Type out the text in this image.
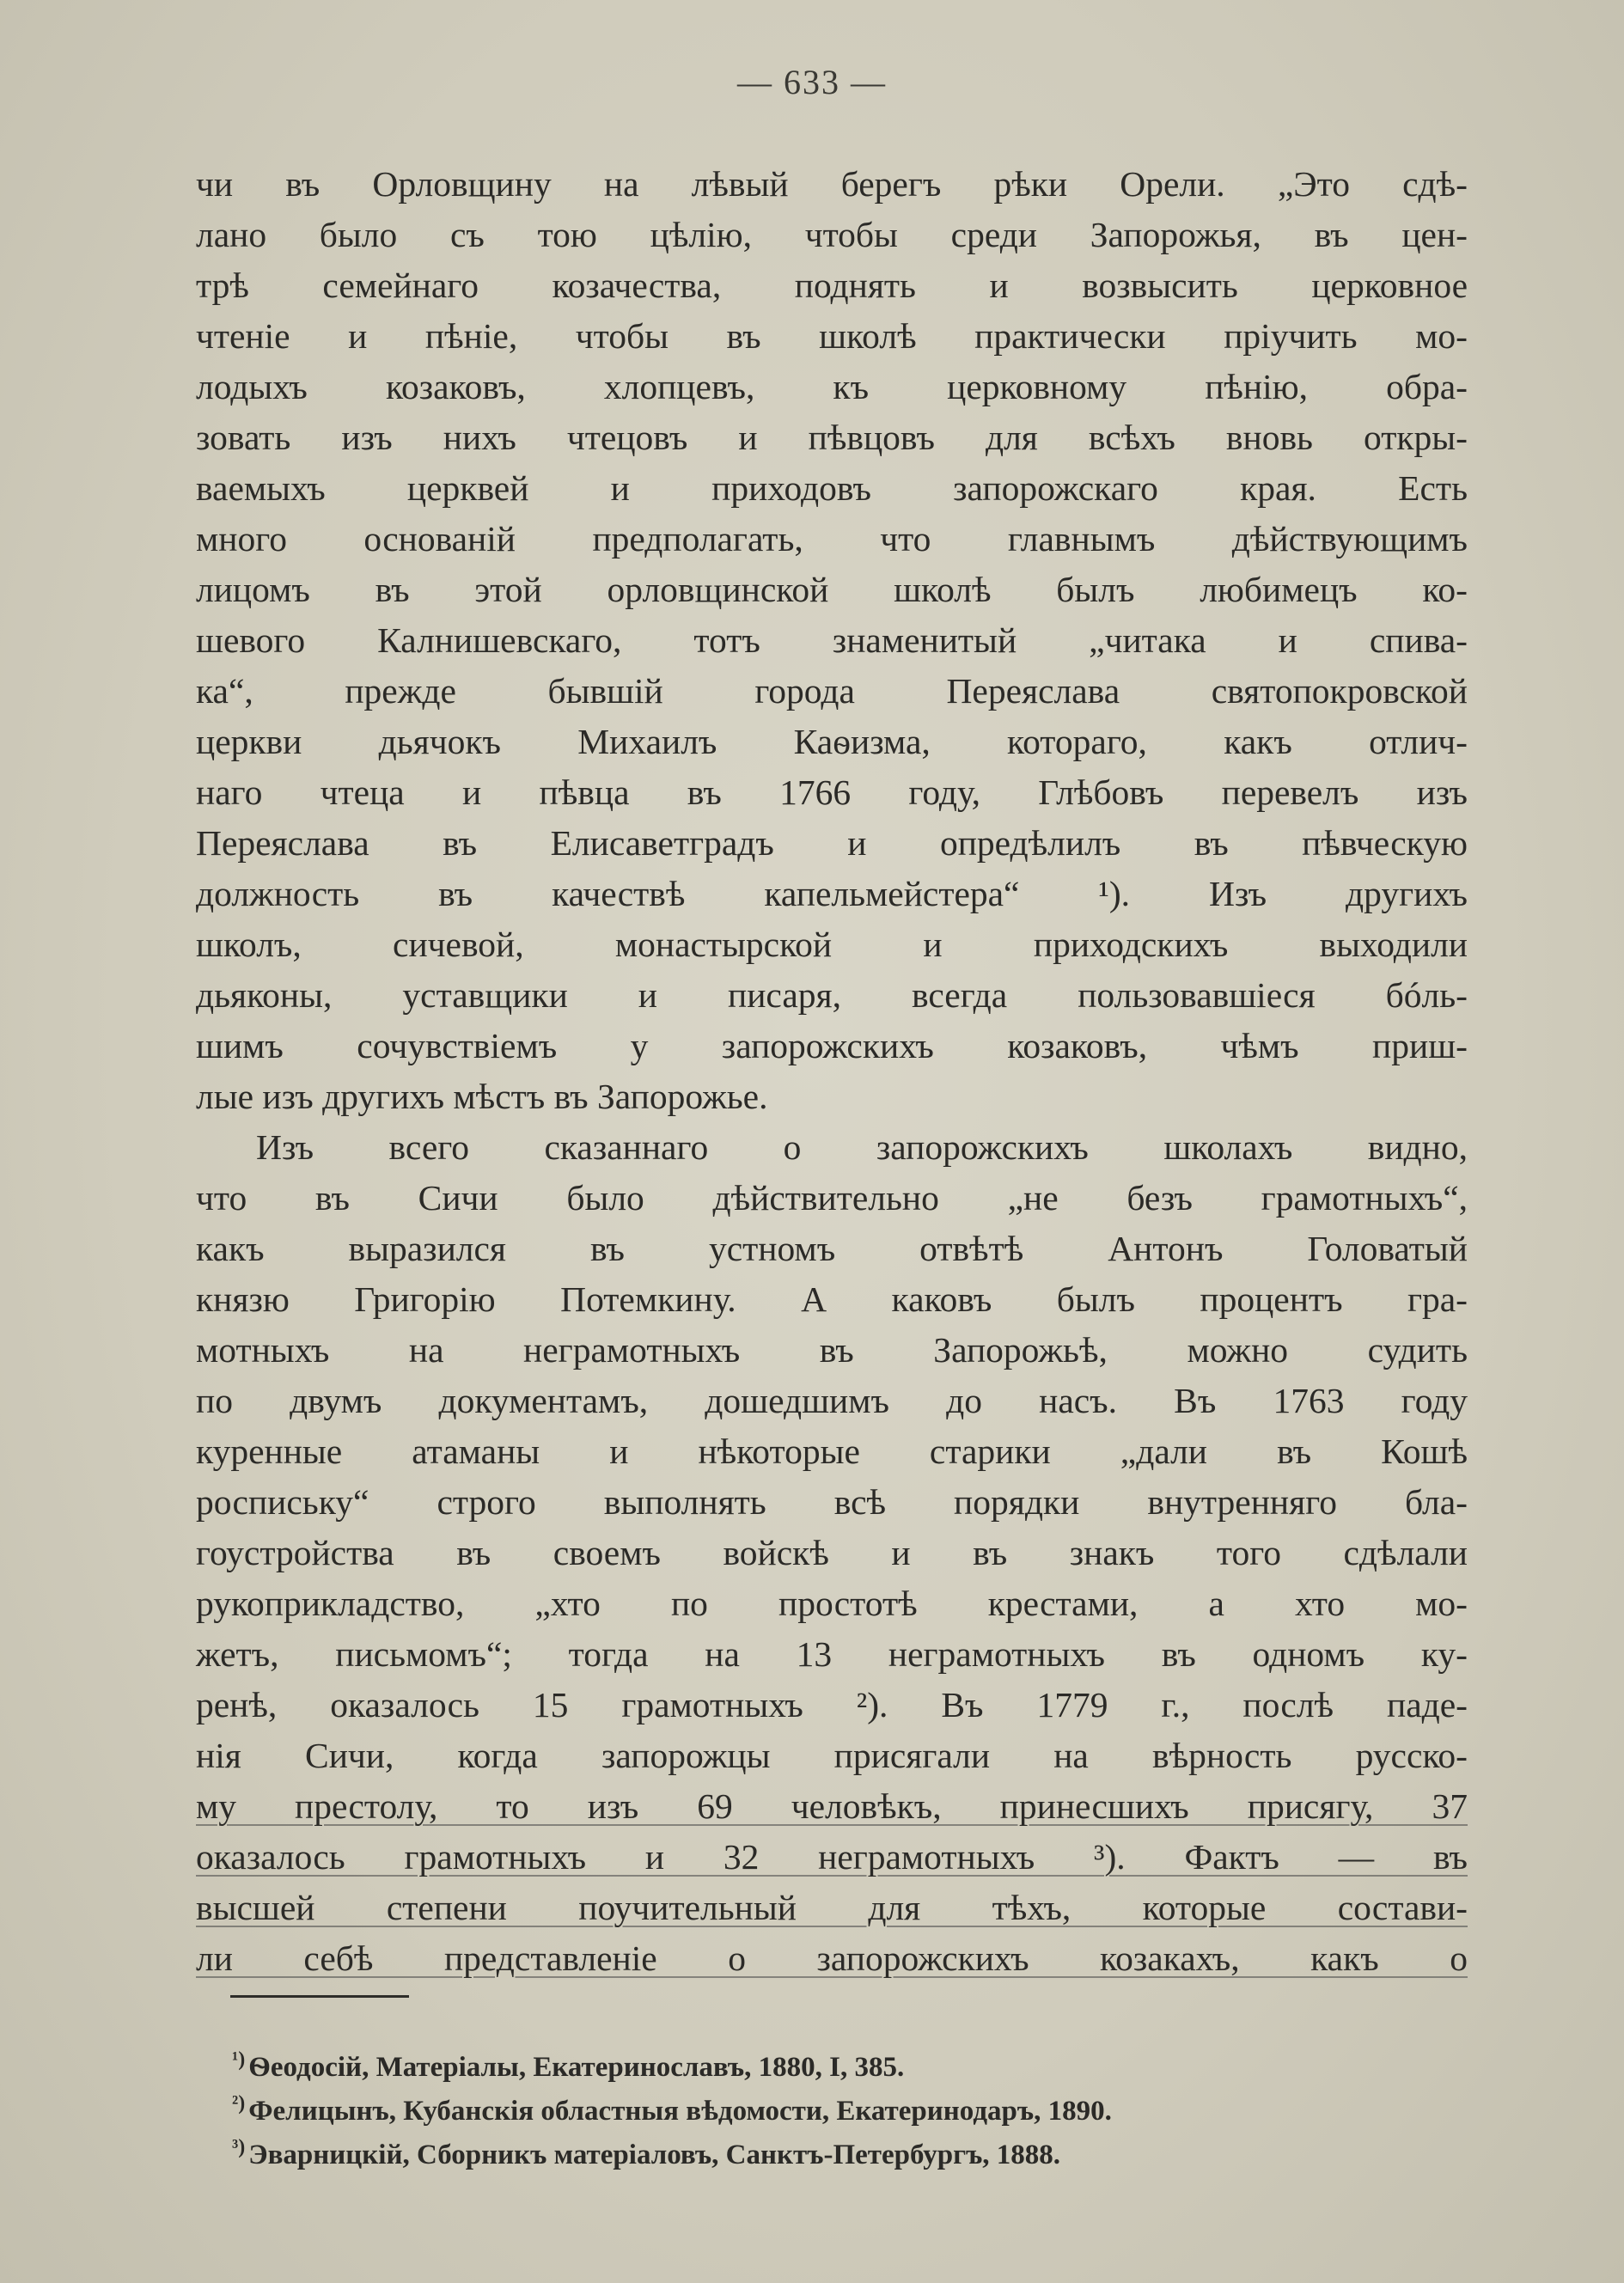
— 633 —
чи въ Орловщину на лѣвый берегъ рѣки Орели. „Это сдѣ-
лано было съ тою цѣлію, чтобы среди Запорожья, въ цен-
трѣ семейнаго козачества, поднять и возвысить церковное
чтеніе и пѣніе, чтобы въ школѣ практически пріучить мо-
лодыхъ козаковъ, хлопцевъ, къ церковному пѣнію, обра-
зовать изъ нихъ чтецовъ и пѣвцовъ для всѣхъ вновь откры-
ваемыхъ церквей и приходовъ запорожскаго края. Есть
много основаній предполагать, что главнымъ дѣйствующимъ
лицомъ въ этой орловщинской школѣ былъ любимецъ ко-
шевого Калнишевскаго, тотъ знаменитый „читака и спива-
ка“, прежде бывшій города Переяслава святопокровской
церкви дьячокъ Михаилъ Каѳизма, котораго, какъ отлич-
наго чтеца и пѣвца въ 1766 году, Глѣбовъ перевелъ изъ
Переяслава въ Елисаветградъ и опредѣлилъ въ пѣвческую
должность въ качествѣ капельмейстера“ ¹). Изъ другихъ
школъ, сичевой, монастырской и приходскихъ выходили
дьяконы, уставщики и писаря, всегда пользовавшіеся бóль-
шимъ сочувствіемъ у запорожскихъ козаковъ, чѣмъ приш-
лые изъ другихъ мѣстъ въ Запорожье.
Изъ всего сказаннаго о запорожскихъ школахъ видно,
что въ Сичи было дѣйствительно „не безъ грамотныхъ“,
какъ выразился въ устномъ отвѣтѣ Антонъ Головатый
князю Григорію Потемкину. А каковъ былъ процентъ гра-
мотныхъ на неграмотныхъ въ Запорожьѣ, можно судить
по двумъ документамъ, дошедшимъ до насъ. Въ 1763 году
куренные атаманы и нѣкоторые старики „дали въ Кошѣ
роспиську“ строго выполнять всѣ порядки внутренняго бла-
гоустройства въ своемъ войскѣ и въ знакъ того сдѣлали
рукоприкладство, „хто по простотѣ крестами, а хто мо-
жетъ, письмомъ“; тогда на 13 неграмотныхъ въ одномъ ку-
ренѣ, оказалось 15 грамотныхъ ²). Въ 1779 г., послѣ паде-
нія Сичи, когда запорожцы присягали на вѣрность русско-
му престолу, то изъ 69 человѣкъ, принесшихъ присягу, 37
оказалось грамотныхъ и 32 неграмотныхъ ³). Фактъ — въ
высшей степени поучительный для тѣхъ, которые состави-
ли себѣ представленіе о запорожскихъ козакахъ, какъ о
$^{^1)}$ Ѳеодосій, Матеріалы, Екатеринославъ, 1880, I, 385.
$^{^2)}$ Фелицынъ, Кубанскія областныя вѣдомости, Екатеринодаръ, 1890.
$^{^3)}$ Эварницкій, Сборникъ матеріаловъ, Санктъ-Петербургъ, 1888.
